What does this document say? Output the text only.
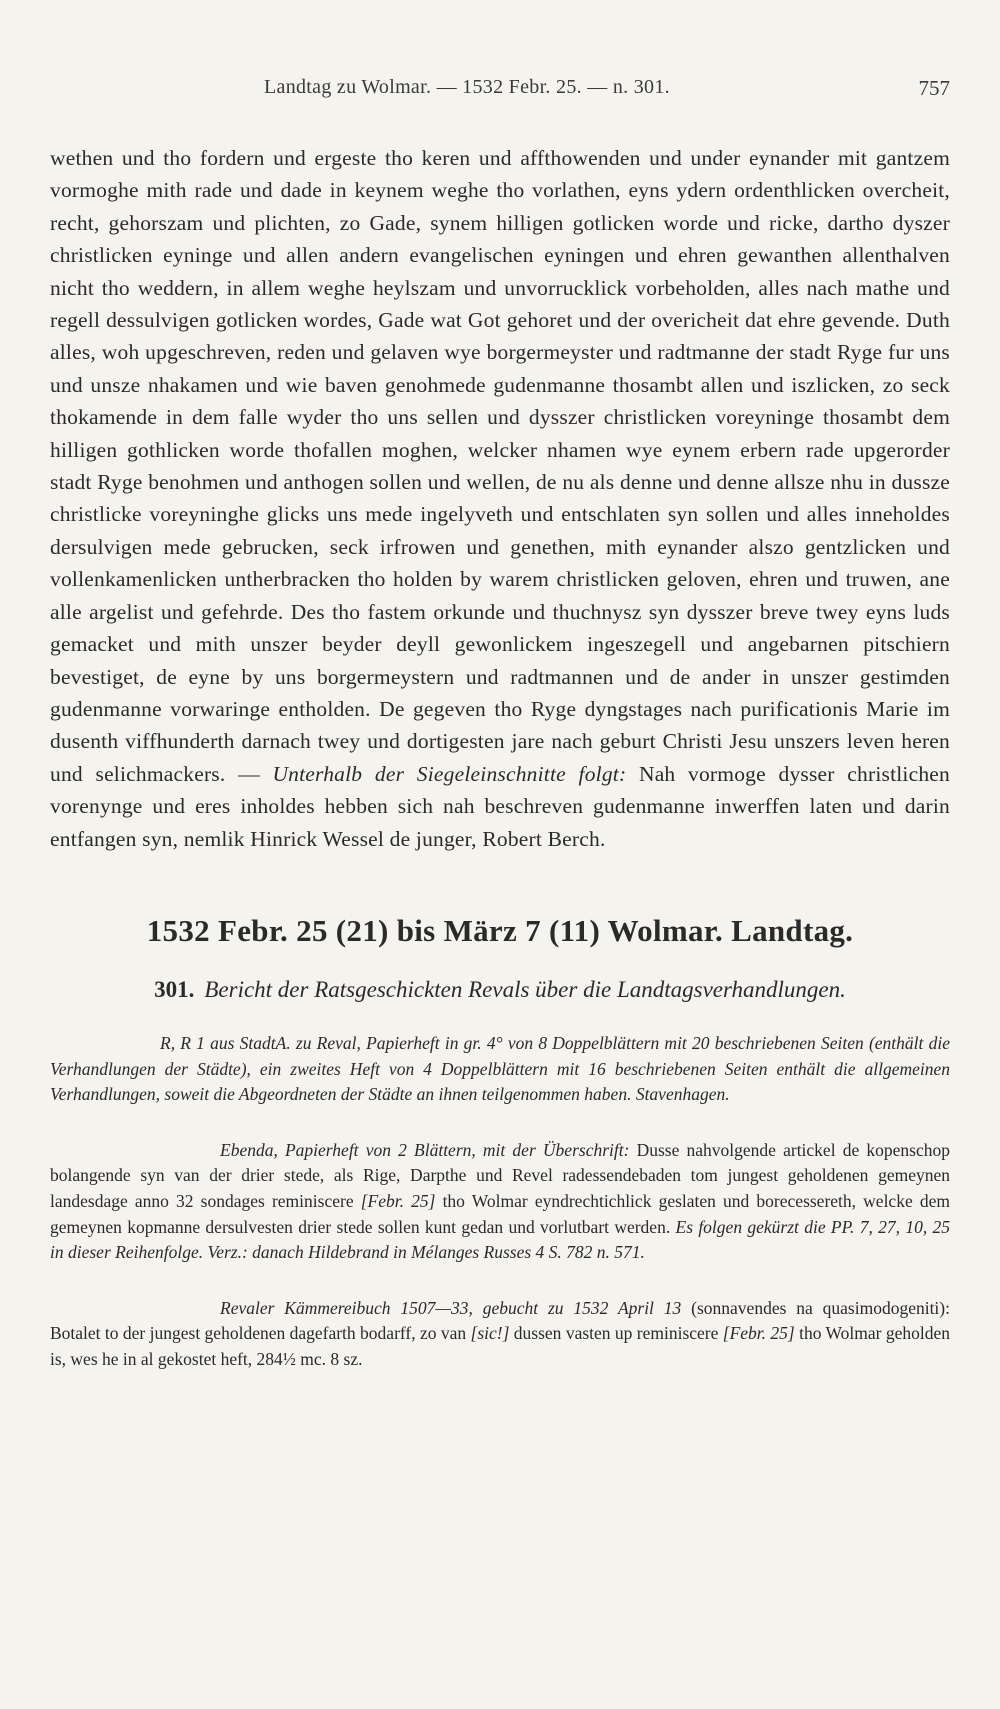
Landtag zu Wolmar. — 1532 Febr. 25. — n. 301.	757

wethen und tho fordern und ergeste tho keren und affthowenden und under eynander mit gantzem vormoghe mith rade und dade in keynem weghe tho vorlathen, eyns ydern ordenthlicken overcheit, recht, gehorszam und plichten, zo Gade, synem hilligen gotlicken worde und ricke, dartho dyszer christlicken eyninge und allen andern evangelischen eyningen und ehren gewanthen allenthalven nicht tho weddern, in allem weghe heylszam und unvorrucklick vorbeholden, alles nach mathe und regell dessulvigen gotlicken wordes, Gade wat Got gehoret und der overicheit dat ehre gevende. Duth alles, woh upgeschreven, reden und gelaven wye borgermeyster und radtmanne der stadt Ryge fur uns und unsze nhakamen und wie baven genohmede gudenmanne thosambt allen und iszlicken, zo seck thokamende in dem falle wyder tho uns sellen und dysszer christlicken voreyninge thosambt dem hilligen gothlicken worde thofallen moghen, welcker nhamen wye eynem erbern rade upgerorder stadt Ryge benohmen und anthogen sollen und wellen, de nu als denne und denne allsze nhu in dussze christlicke voreyninghe glicks uns mede ingelyveth und entschlaten syn sollen und alles inneholdes dersulvigen mede gebrucken, seck irfrowen und genethen, mith eynander alszo gentzlicken und vollenkamenlicken untherbracken tho holden by warem christlicken geloven, ehren und truwen, ane alle argelist und gefehrde. Des tho fastem orkunde und thuchnysz syn dysszer breve twey eyns luds gemacket und mith unszer beyder deyll gewonlickem ingeszegell und angebarnen pitschiern bevestiget, de eyne by uns borgermeystern und radtmannen und de ander in unszer gestimden gudenmanne vorwaringe entholden. De gegeven tho Ryge dyngstages nach purificationis Marie im dusenth viffhunderth darnach twey und dortigesten jare nach geburt Christi Jesu unszers leven heren und selichmackers. — Unterhalb der Siegeleinschnitte folgt: Nah vormoge dysser christlichen vorenynge und eres inholdes hebben sich nah beschreven gudenmanne inwerffen laten und darin entfangen syn, nemlik Hinrick Wessel de junger, Robert Berch.

1532 Febr. 25 (21) bis März 7 (11) Wolmar. Landtag.
301. Bericht der Ratsgeschickten Revals über die Landtagsverhandlungen.

R, R 1 aus StadtA. zu Reval, Papierheft in gr. 4° von 8 Doppelblättern mit 20 beschriebenen Seiten (enthält die Verhandlungen der Städte), ein zweites Heft von 4 Doppelblättern mit 16 beschriebenen Seiten enthält die allgemeinen Verhandlungen, soweit die Abgeordneten der Städte an ihnen teilgenommen haben. Stavenhagen.

Ebenda, Papierheft von 2 Blättern, mit der Überschrift: Dusse nahvolgende artickel de kopenschop bolangende syn van der drier stede, als Rige, Darpthe und Revel radessendebaden tom jungest geholdenen gemeynen landesdage anno 32 sondages reminiscere [Febr. 25] tho Wolmar eyndrechtichlick geslaten und borecessereth, welcke dem gemeynen kopmanne dersulvesten drier stede sollen kunt gedan und vorlutbart werden. Es folgen gekürzt die PP. 7, 27, 10, 25 in dieser Reihenfolge. Verz.: danach Hildebrand in Mélanges Russes 4 S. 782 n. 571.

Revaler Kämmereibuch 1507—33, gebucht zu 1532 April 13 (sonnavendes na quasimodogeniti): Botalet to der jungest geholdenen dagefarth bodarff, zo van [sic!] dussen vasten up reminiscere [Febr. 25] tho Wolmar geholden is, wes he in al gekostet heft, 284½ mc. 8 sz.
